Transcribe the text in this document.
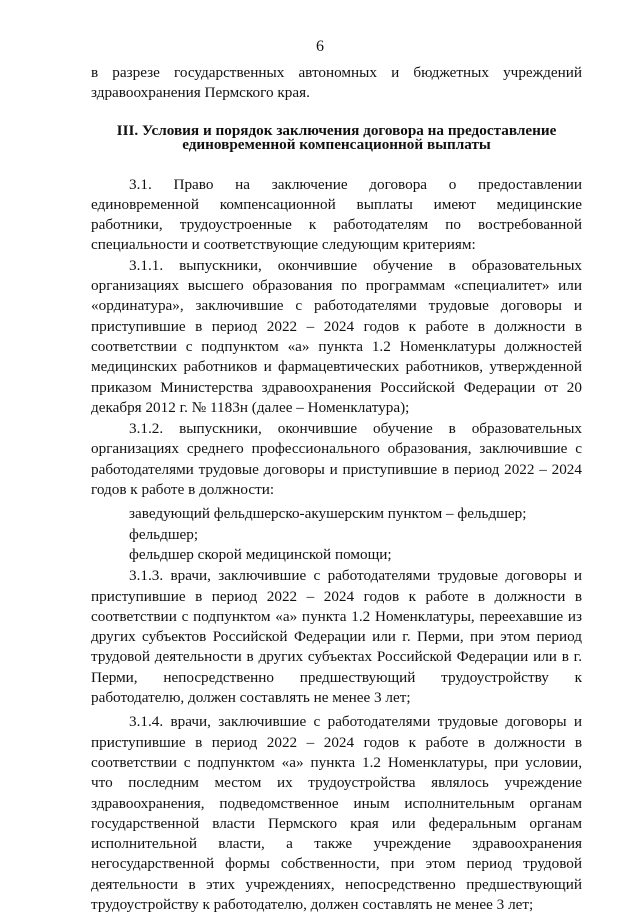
6

в разрезе государственных автономных и бюджетных учреждений здравоохранения Пермского края.

III. Условия и порядок заключения договора на предоставление
единовременной компенсационной выплаты

3.1. Право на заключение договора о предоставлении единовременной компенсационной выплаты имеют медицинские работники, трудоустроенные к работодателям по востребованной специальности и соответствующие следующим критериям:

3.1.1. выпускники, окончившие обучение в образовательных организациях высшего образования по программам «специалитет» или «ординатура», заключившие с работодателями трудовые договоры и приступившие в период 2022 – 2024 годов к работе в должности в соответствии с подпунктом «а» пункта 1.2 Номенклатуры должностей медицинских работников и фармацевтических работников, утвержденной приказом Министерства здравоохранения Российской Федерации от 20 декабря 2012 г. № 1183н (далее – Номенклатура);

3.1.2. выпускники, окончившие обучение в образовательных организациях среднего профессионального образования, заключившие с работодателями трудовые договоры и приступившие в период 2022 – 2024 годов к работе в должности:

заведующий фельдшерско-акушерским пунктом – фельдшер;

фельдшер;

фельдшер скорой медицинской помощи;

3.1.3. врачи, заключившие с работодателями трудовые договоры и приступившие в период 2022 – 2024 годов к работе в должности в соответствии с подпунктом «а» пункта 1.2 Номенклатуры, переехавшие из других субъектов Российской Федерации или г. Перми, при этом период трудовой деятельности в других субъектах Российской Федерации или в г. Перми, непосредственно предшествующий трудоустройству к работодателю, должен составлять не менее 3 лет;

3.1.4. врачи, заключившие с работодателями трудовые договоры и приступившие в период 2022 – 2024 годов к работе в должности в соответствии с подпунктом «а» пункта 1.2 Номенклатуры, при условии, что последним местом их трудоустройства являлось учреждение здравоохранения, подведомственное иным исполнительным органам государственной власти Пермского края или федеральным органам исполнительной власти, а также учреждение здравоохранения негосударственной формы собственности, при этом период трудовой деятельности в этих учреждениях, непосредственно предшествующий трудоустройству к работодателю, должен составлять не менее 3 лет;
